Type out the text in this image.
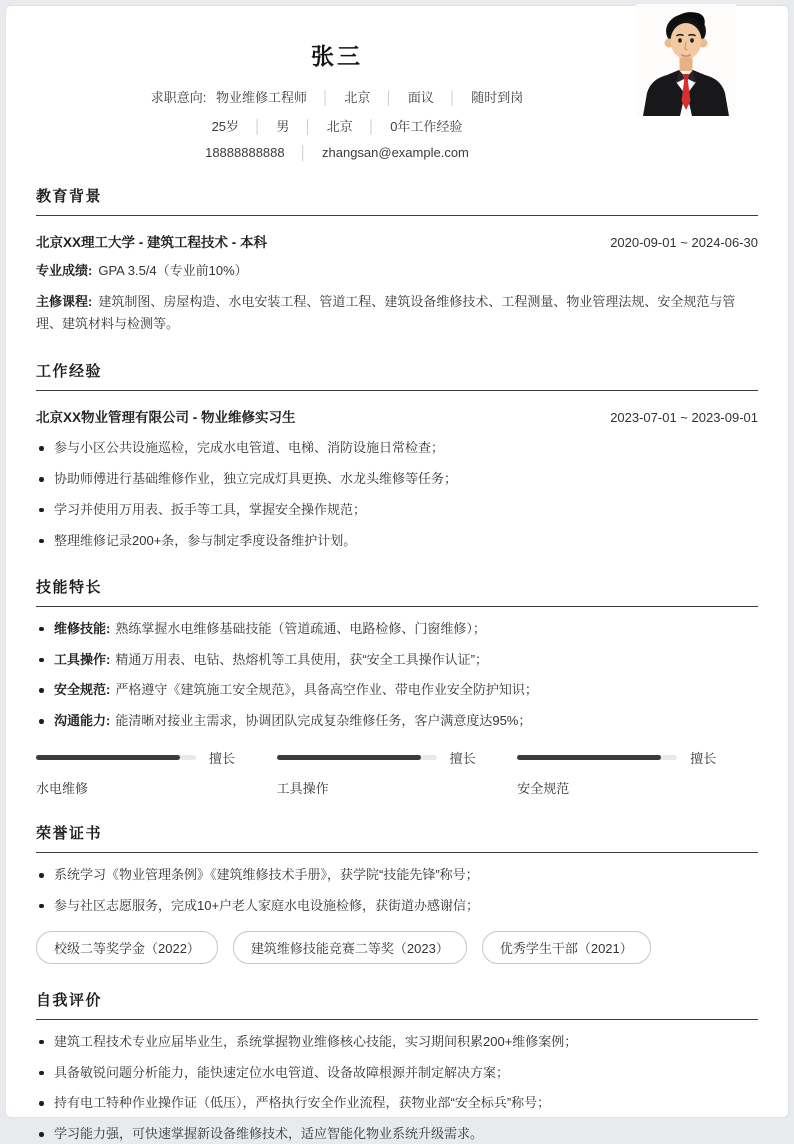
张三
求职意向: 物业维修工程师 │ 北京 │ 面议 │ 随时到岗
25岁 │ 男 │ 北京 │ 0年工作经验
18888888888 │ zhangsan@example.com
教育背景
北京XX理工大学 - 建筑工程技术 - 本科	2020-09-01 ~ 2024-06-30

专业成绩: GPA 3.5/4（专业前10%）

主修课程: 建筑制图、房屋构造、水电安装工程、管道工程、建筑设备维修技术、工程测量、物业管理法规、安全规范与管理、建筑材料与检测等。

工作经验
北京XX物业管理有限公司 - 物业维修实习生	2023-07-01 ~ 2023-09-01
参与小区公共设施巡检，完成水电管道、电梯、消防设施日常检查；
协助师傅进行基础维修作业，独立完成灯具更换、水龙头维修等任务；
学习并使用万用表、扳手等工具，掌握安全操作规范；
整理维修记录200+条，参与制定季度设备维护计划。
技能特长
维修技能: 熟练掌握水电维修基础技能（管道疏通、电路检修、门窗维修）；
工具操作: 精通万用表、电钻、热熔机等工具使用，获“安全工具操作认证”；
安全规范: 严格遵守《建筑施工安全规范》，具备高空作业、带电作业安全防护知识；
沟通能力: 能清晰对接业主需求，协调团队完成复杂维修任务，客户满意度达95%；
擅长
水电维修
擅长
工具操作
擅长
安全规范
荣誉证书
系统学习《物业管理条例》《建筑维修技术手册》，获学院“技能先锋”称号；
参与社区志愿服务，完成10+户老人家庭水电设施检修，获街道办感谢信；
校级二等奖学金（2022）	建筑维修技能竞赛二等奖（2023）	优秀学生干部（2021）
自我评价
建筑工程技术专业应届毕业生，系统掌握物业维修核心技能，实习期间积累200+维修案例；
具备敏锐问题分析能力，能快速定位水电管道、设备故障根源并制定解决方案；
持有电工特种作业操作证（低压），严格执行安全作业流程，获物业部“安全标兵”称号；
学习能力强，可快速掌握新设备维修技术，适应智能化物业系统升级需求。
